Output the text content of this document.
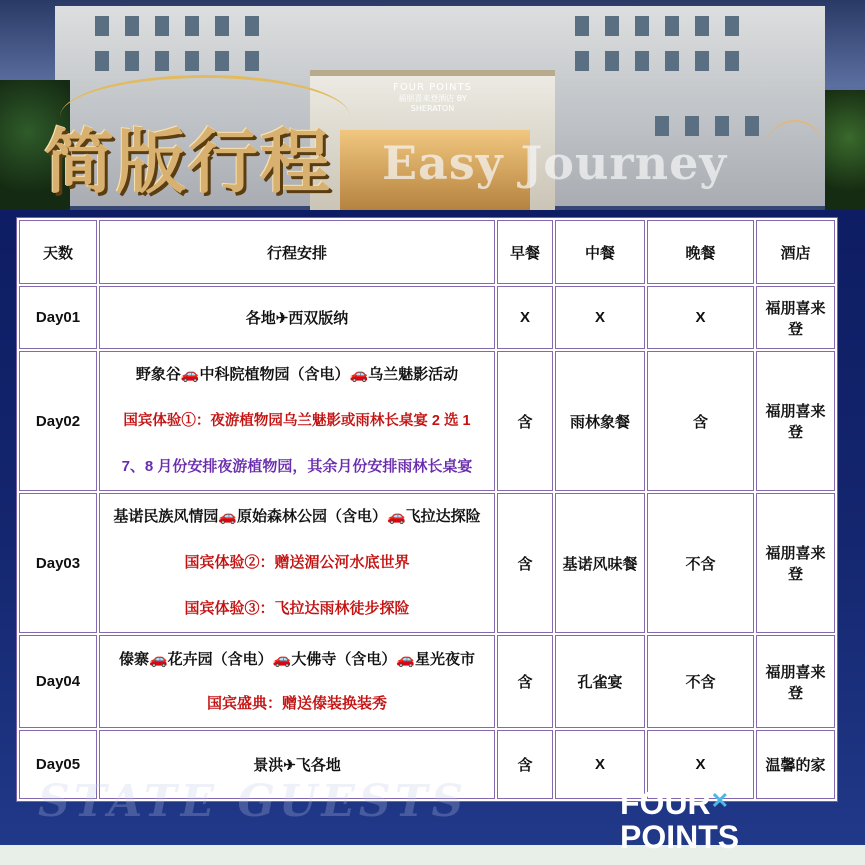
FOUR POINTS
福朋喜来登酒店 BY SHERATON
简版行程 Easy Journey
天数	行程安排	早餐	中餐	晚餐	酒店
Day01	各地✈西双版纳	X	X	X	福朋喜来登
Day02	野象谷🚗中科院植物园（含电）🚗乌兰魅影活动
国宾体验①：夜游植物园乌兰魅影或雨林长桌宴 2 选 1
7、8 月份安排夜游植物园，其余月份安排雨林长桌宴	含	雨林象餐	含	福朋喜来登
Day03	基诺民族风情园🚗原始森林公园（含电）🚗飞拉达探险
国宾体验②：赠送湄公河水底世界
国宾体验③：飞拉达雨林徒步探险	含	基诺风味餐	不含	福朋喜来登
Day04	傣寨🚗花卉园（含电）🚗大佛寺（含电）🚗星光夜市
国宾盛典：赠送傣装换装秀	含	孔雀宴	不含	福朋喜来登
Day05	景洪✈飞各地	含	X	X	温馨的家
STATE GUESTS	FOUR✕
POINTS
